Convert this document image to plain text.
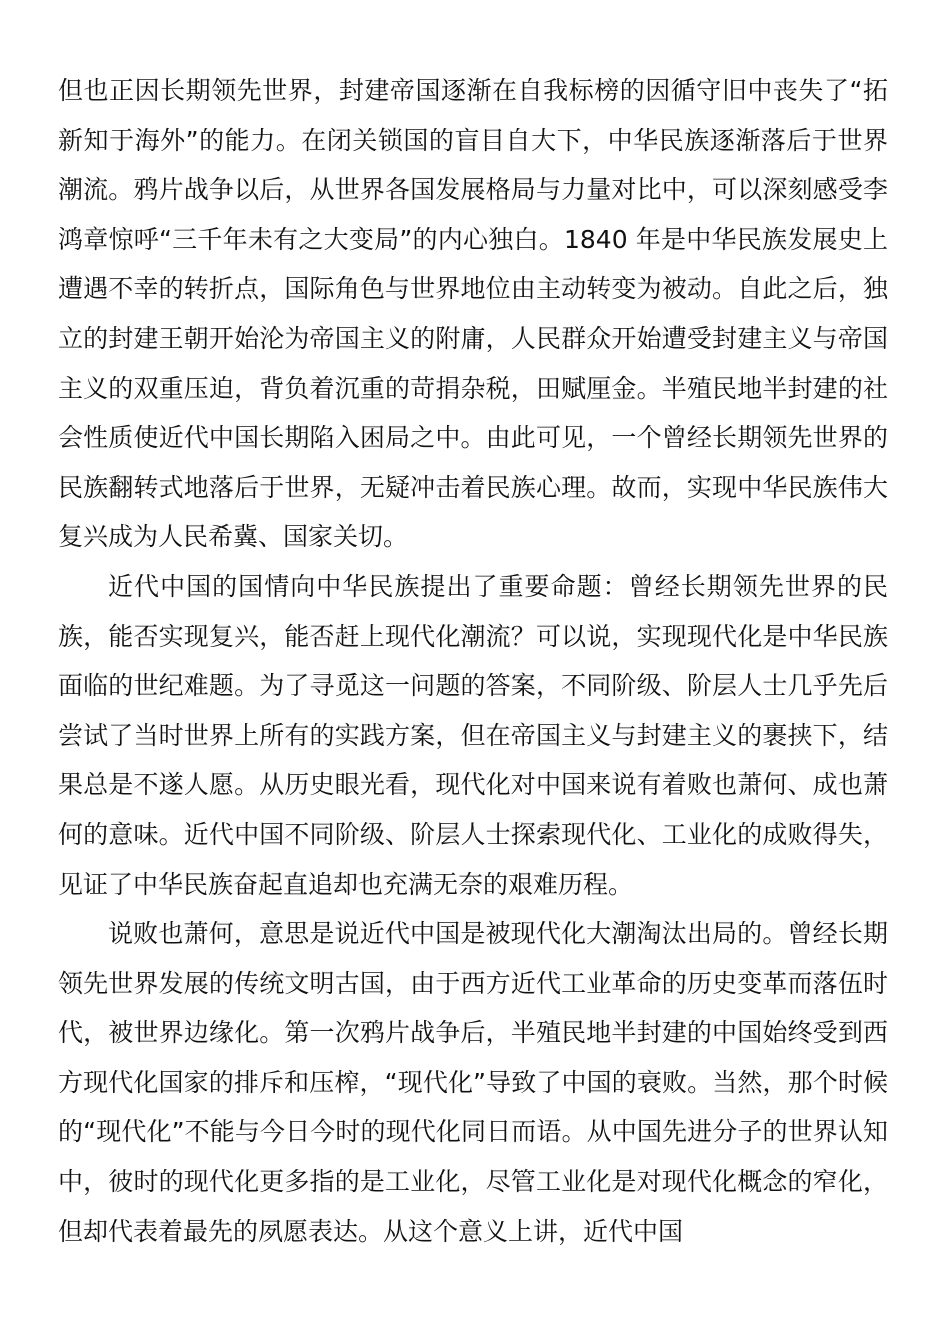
但也正因长期领先世界，封建帝国逐渐在自我标榜的因循守旧中丧失了“拓新知于海外”的能力。在闭关锁国的盲目自大下，中华民族逐渐落后于世界潮流。鸦片战争以后，从世界各国发展格局与力量对比中，可以深刻感受李鸿章惊呼“三千年未有之大变局”的内心独白。1840 年是中华民族发展史上遭遇不幸的转折点，国际角色与世界地位由主动转变为被动。自此之后，独立的封建王朝开始沦为帝国主义的附庸，人民群众开始遭受封建主义与帝国主义的双重压迫，背负着沉重的苛捐杂税，田赋厘金。半殖民地半封建的社会性质使近代中国长期陷入困局之中。由此可见，一个曾经长期领先世界的民族翻转式地落后于世界，无疑冲击着民族心理。故而，实现中华民族伟大复兴成为人民希冀、国家关切。

近代中国的国情向中华民族提出了重要命题：曾经长期领先世界的民族，能否实现复兴，能否赶上现代化潮流？可以说，实现现代化是中华民族面临的世纪难题。为了寻觅这一问题的答案，不同阶级、阶层人士几乎先后尝试了当时世界上所有的实践方案，但在帝国主义与封建主义的裹挟下，结果总是不遂人愿。从历史眼光看，现代化对中国来说有着败也萧何、成也萧何的意味。近代中国不同阶级、阶层人士探索现代化、工业化的成败得失，见证了中华民族奋起直追却也充满无奈的艰难历程。

说败也萧何，意思是说近代中国是被现代化大潮淘汰出局的。曾经长期领先世界发展的传统文明古国，由于西方近代工业革命的历史变革而落伍时代，被世界边缘化。第一次鸦片战争后，半殖民地半封建的中国始终受到西方现代化国家的排斥和压榨，“现代化”导致了中国的衰败。当然，那个时候的“现代化”不能与今日今时的现代化同日而语。从中国先进分子的世界认知中，彼时的现代化更多指的是工业化，尽管工业化是对现代化概念的窄化，但却代表着最先的夙愿表达。从这个意义上讲，近代中国
